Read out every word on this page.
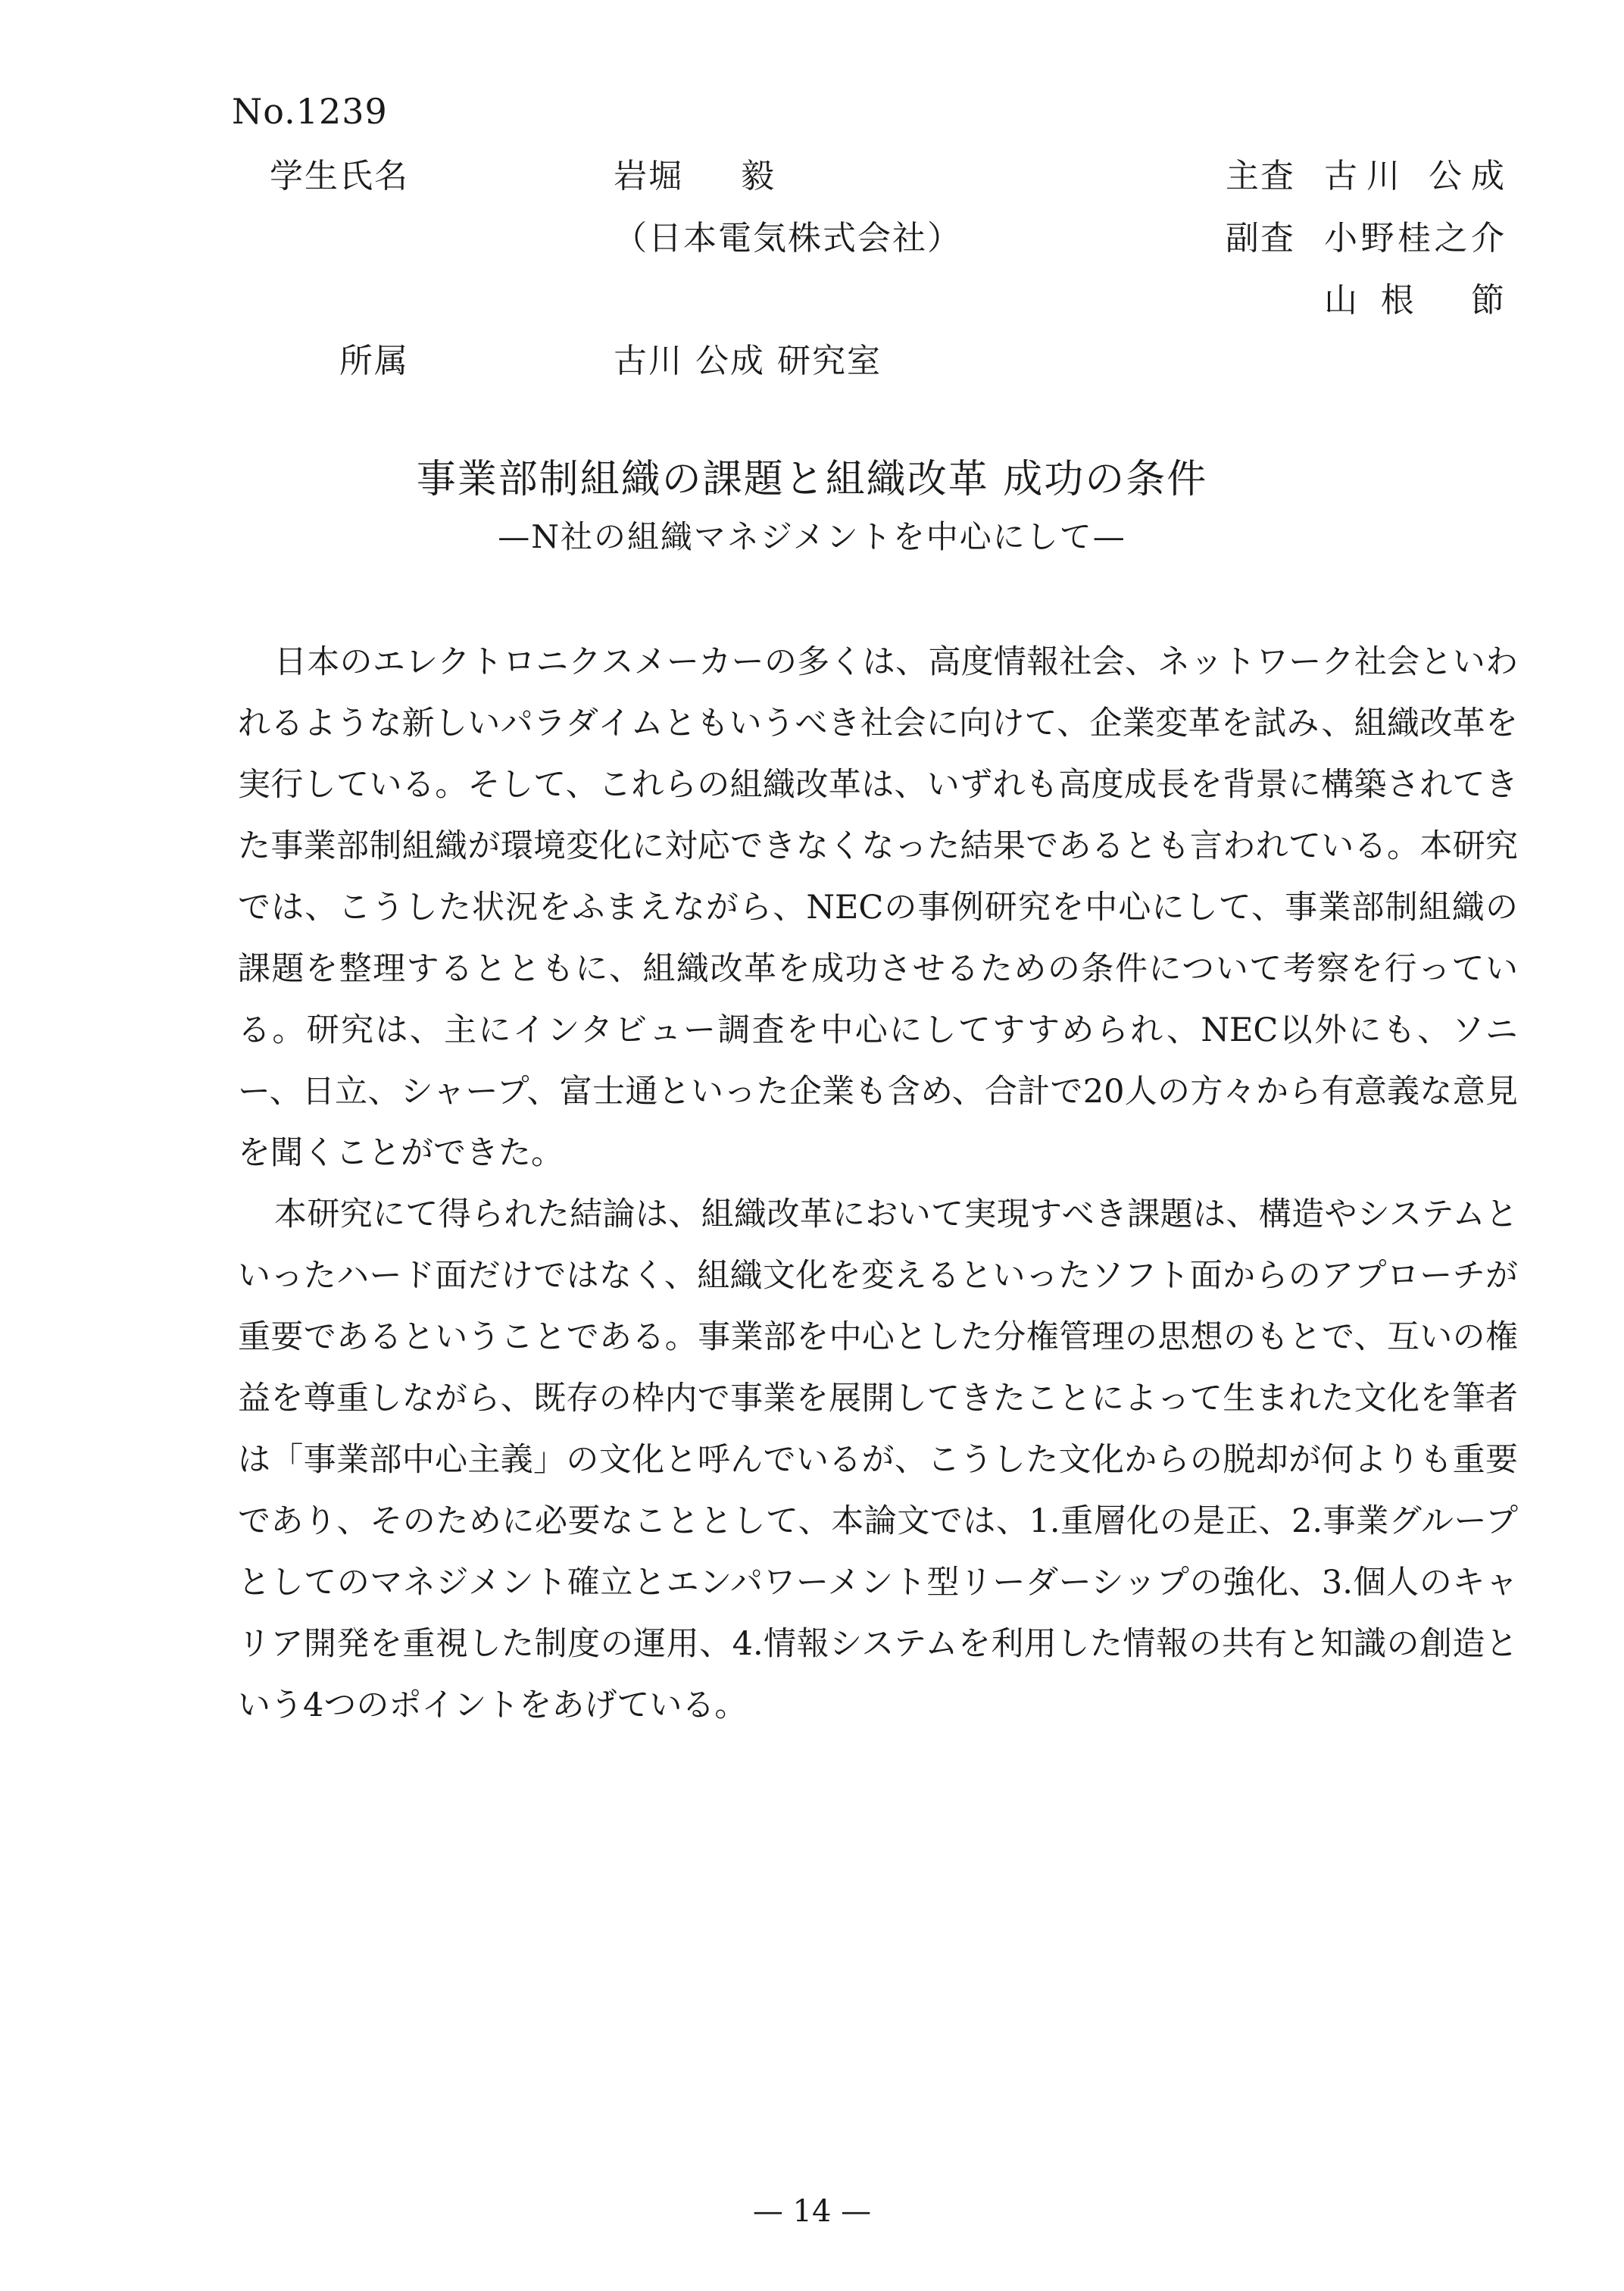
No.1239
学生氏名	岩堀 毅
（日本電気株式会社）
所属	古川 公成 研究室
主査 古川 公成
副査 小野桂之介
山根 節
事業部制組織の課題と組織改革 成功の条件
—N社の組織マネジメントを中心にして—

日本のエレクトロニクスメーカーの多くは、高度情報社会、ネットワーク社会といわれるような新しいパラダイムともいうべき社会に向けて、企業変革を試み、組織改革を実行している。そして、これらの組織改革は、いずれも高度成長を背景に構築されてきた事業部制組織が環境変化に対応できなくなった結果であるとも言われている。本研究では、こうした状況をふまえながら、NECの事例研究を中心にして、事業部制組織の課題を整理するとともに、組織改革を成功させるための条件について考察を行っている。研究は、主にインタビュー調査を中心にしてすすめられ、NEC以外にも、ソニー、日立、シャープ、富士通といった企業も含め、合計で20人の方々から有意義な意見を聞くことができた。

本研究にて得られた結論は、組織改革において実現すべき課題は、構造やシステムといったハード面だけではなく、組織文化を変えるといったソフト面からのアプローチが重要であるということである。事業部を中心とした分権管理の思想のもとで、互いの権益を尊重しながら、既存の枠内で事業を展開してきたことによって生まれた文化を筆者は「事業部中心主義」の文化と呼んでいるが、こうした文化からの脱却が何よりも重要であり、そのために必要なこととして、本論文では、1.重層化の是正、2.事業グループとしてのマネジメント確立とエンパワーメント型リーダーシップの強化、3.個人のキャリア開発を重視した制度の運用、4.情報システムを利用した情報の共有と知識の創造という4つのポイントをあげている。

— 14 —
